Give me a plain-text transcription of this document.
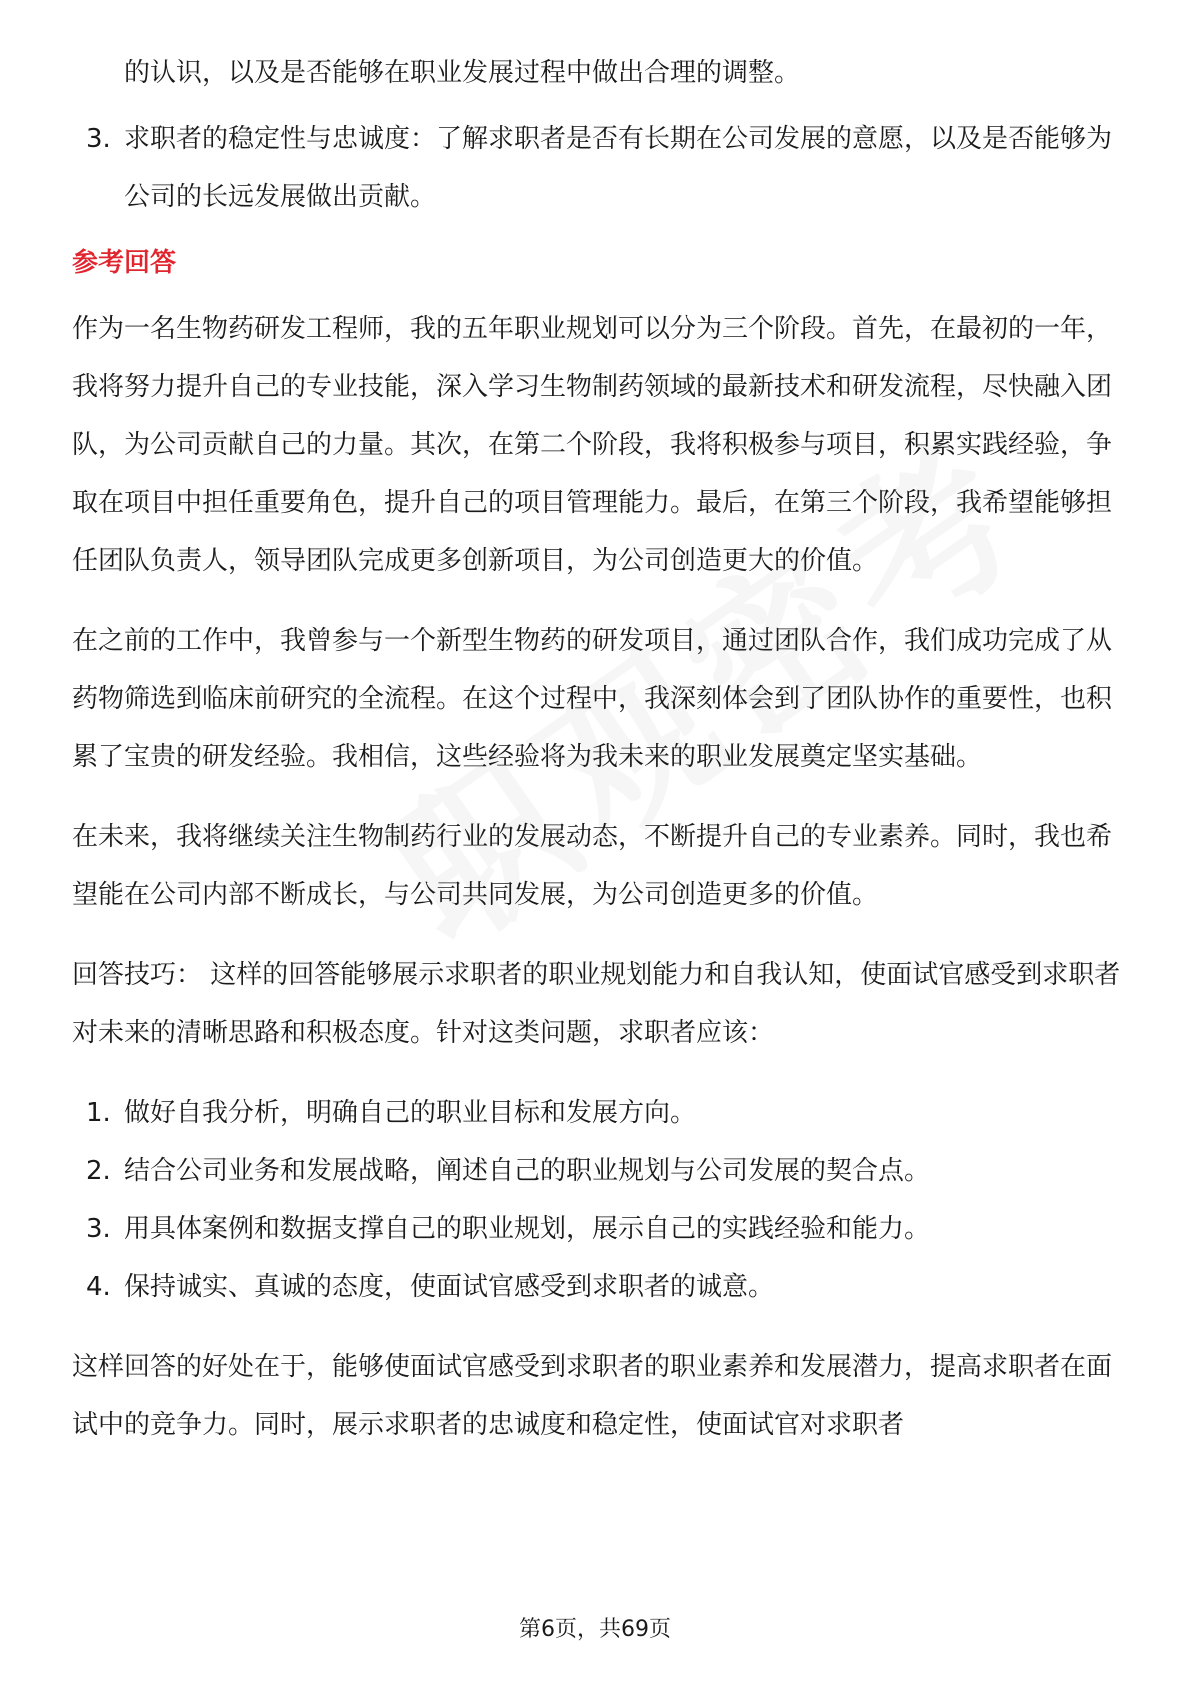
的认识，以及是否能够在职业发展过程中做出合理的调整。

3. 求职者的稳定性与忠诚度：了解求职者是否有长期在公司发展的意愿，以及是否能够为公司的长远发展做出贡献。

参考回答

作为一名生物药研发工程师，我的五年职业规划可以分为三个阶段。首先，在最初的一年，我将努力提升自己的专业技能，深入学习生物制药领域的最新技术和研发流程，尽快融入团队，为公司贡献自己的力量。其次，在第二个阶段，我将积极参与项目，积累实践经验，争取在项目中担任重要角色，提升自己的项目管理能力。最后，在第三个阶段，我希望能够担任团队负责人，领导团队完成更多创新项目，为公司创造更大的价值。

在之前的工作中，我曾参与一个新型生物药的研发项目，通过团队合作，我们成功完成了从药物筛选到临床前研究的全流程。在这个过程中，我深刻体会到了团队协作的重要性，也积累了宝贵的研发经验。我相信，这些经验将为我未来的职业发展奠定坚实基础。

在未来，我将继续关注生物制药行业的发展动态，不断提升自己的专业素养。同时，我也希望能在公司内部不断成长，与公司共同发展，为公司创造更多的价值。

回答技巧： 这样的回答能够展示求职者的职业规划能力和自我认知，使面试官感受到求职者对未来的清晰思路和积极态度。针对这类问题，求职者应该：

1. 做好自我分析，明确自己的职业目标和发展方向。

2. 结合公司业务和发展战略，阐述自己的职业规划与公司发展的契合点。

3. 用具体案例和数据支撑自己的职业规划，展示自己的实践经验和能力。

4. 保持诚实、真诚的态度，使面试官感受到求职者的诚意。

这样回答的好处在于，能够使面试官感受到求职者的职业素养和发展潜力，提高求职者在面试中的竞争力。同时，展示求职者的忠诚度和稳定性，使面试官对求职者

第6页，共69页
